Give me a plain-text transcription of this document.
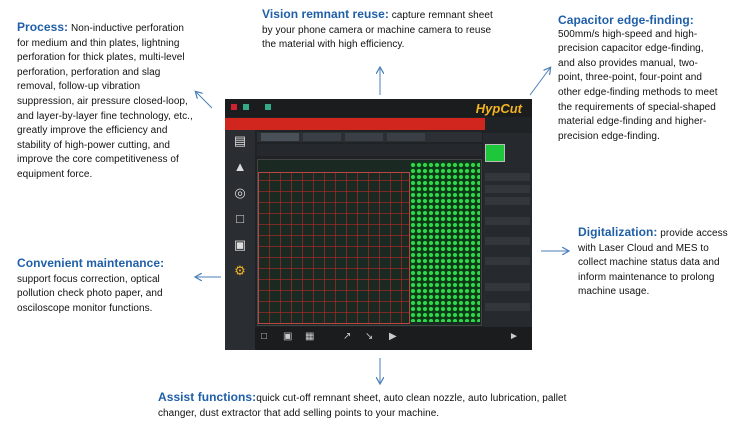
Process: Non-inductive perforation for medium and thin plates, lightning perforation for thick plates, multi-level perforation, perforation and slag removal, follow-up vibration suppression, air pressure closed-loop, and layer-by-layer fine technology, etc., greatly improve the efficiency and stability of high-power cutting, and improve the core competitiveness of equipment force.

Vision remnant reuse: capture remnant sheet by your phone camera or machine camera to reuse the material with high efficiency.

Capacitor edge-finding:
500mm/s high-speed and high-precision capacitor edge-finding, and also provides manual, two-point, three-point, four-point and other edge-finding methods to meet the requirements of special-shaped material edge-finding and higher-precision edge-finding.

Convenient maintenance:
support focus correction, optical pollution check photo paper, and osciloscope monitor functions.

Digitalization: provide access with Laser Cloud and MES to collect machine status data and inform maintenance to prolong machine usage.

Assist functions:quick cut-off remnant sheet, auto clean nozzle, auto lubrication, pallet changer, dust extractor that add selling points to your machine.

HypCut
▤
▲
◎
□
▣
⚙
□ ▣ ▦	↗ ↘ ▶	►
